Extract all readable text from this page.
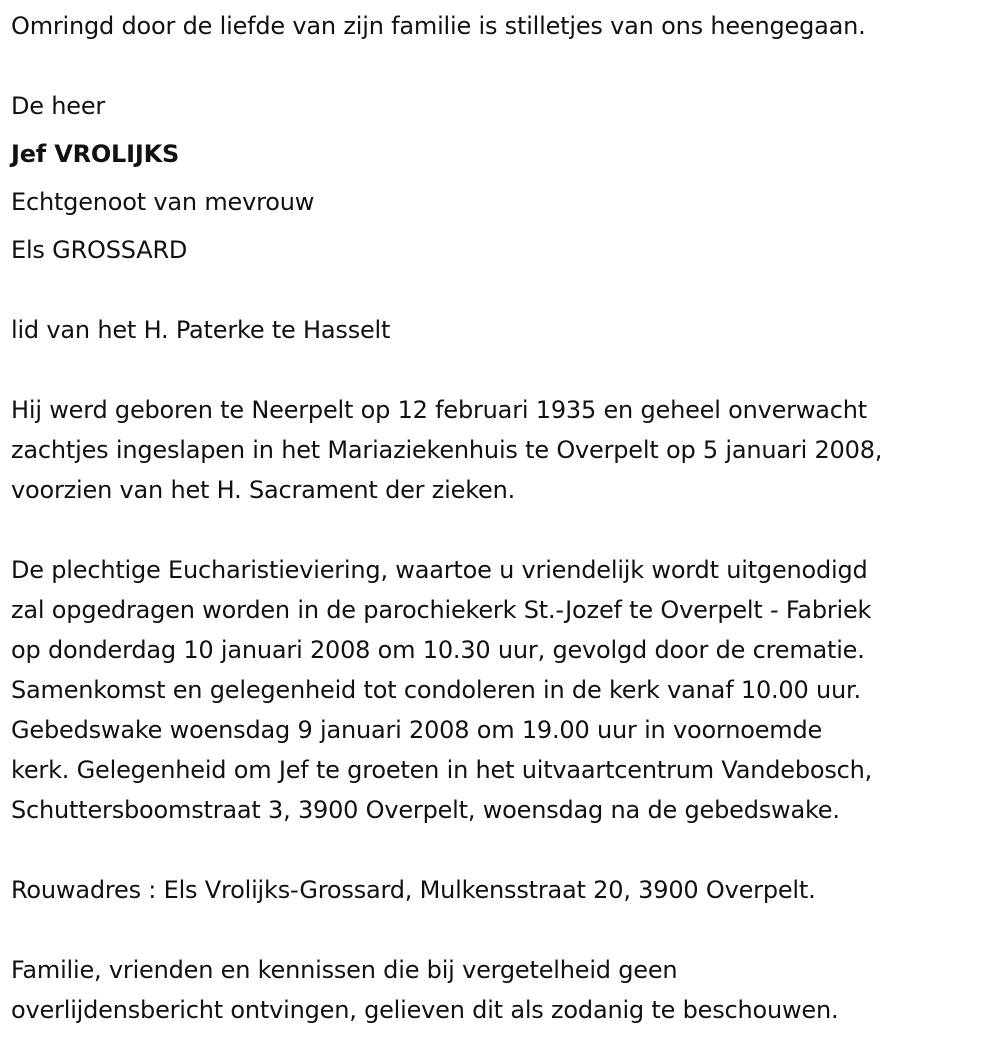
Omringd door de liefde van zijn familie is stilletjes van ons heengegaan.
De heer
Jef VROLIJKS
Echtgenoot van mevrouw
Els GROSSARD
lid van het H. Paterke te Hasselt
Hij werd geboren te Neerpelt op 12 februari 1935 en geheel onverwacht
zachtjes ingeslapen in het Mariaziekenhuis te Overpelt op 5 januari 2008,
voorzien van het H. Sacrament der zieken.
De plechtige Eucharistieviering, waartoe u vriendelijk wordt uitgenodigd
zal opgedragen worden in de parochiekerk St.-Jozef te Overpelt - Fabriek
op donderdag 10 januari 2008 om 10.30 uur, gevolgd door de crematie.
Samenkomst en gelegenheid tot condoleren in de kerk vanaf 10.00 uur.
Gebedswake woensdag 9 januari 2008 om 19.00 uur in voornoemde
kerk. Gelegenheid om Jef te groeten in het uitvaartcentrum Vandebosch,
Schuttersboomstraat 3, 3900 Overpelt, woensdag na de gebedswake.
Rouwadres : Els Vrolijks-Grossard, Mulkensstraat 20, 3900 Overpelt.
Familie, vrienden en kennissen die bij vergetelheid geen
overlijdensbericht ontvingen, gelieven dit als zodanig te beschouwen.
